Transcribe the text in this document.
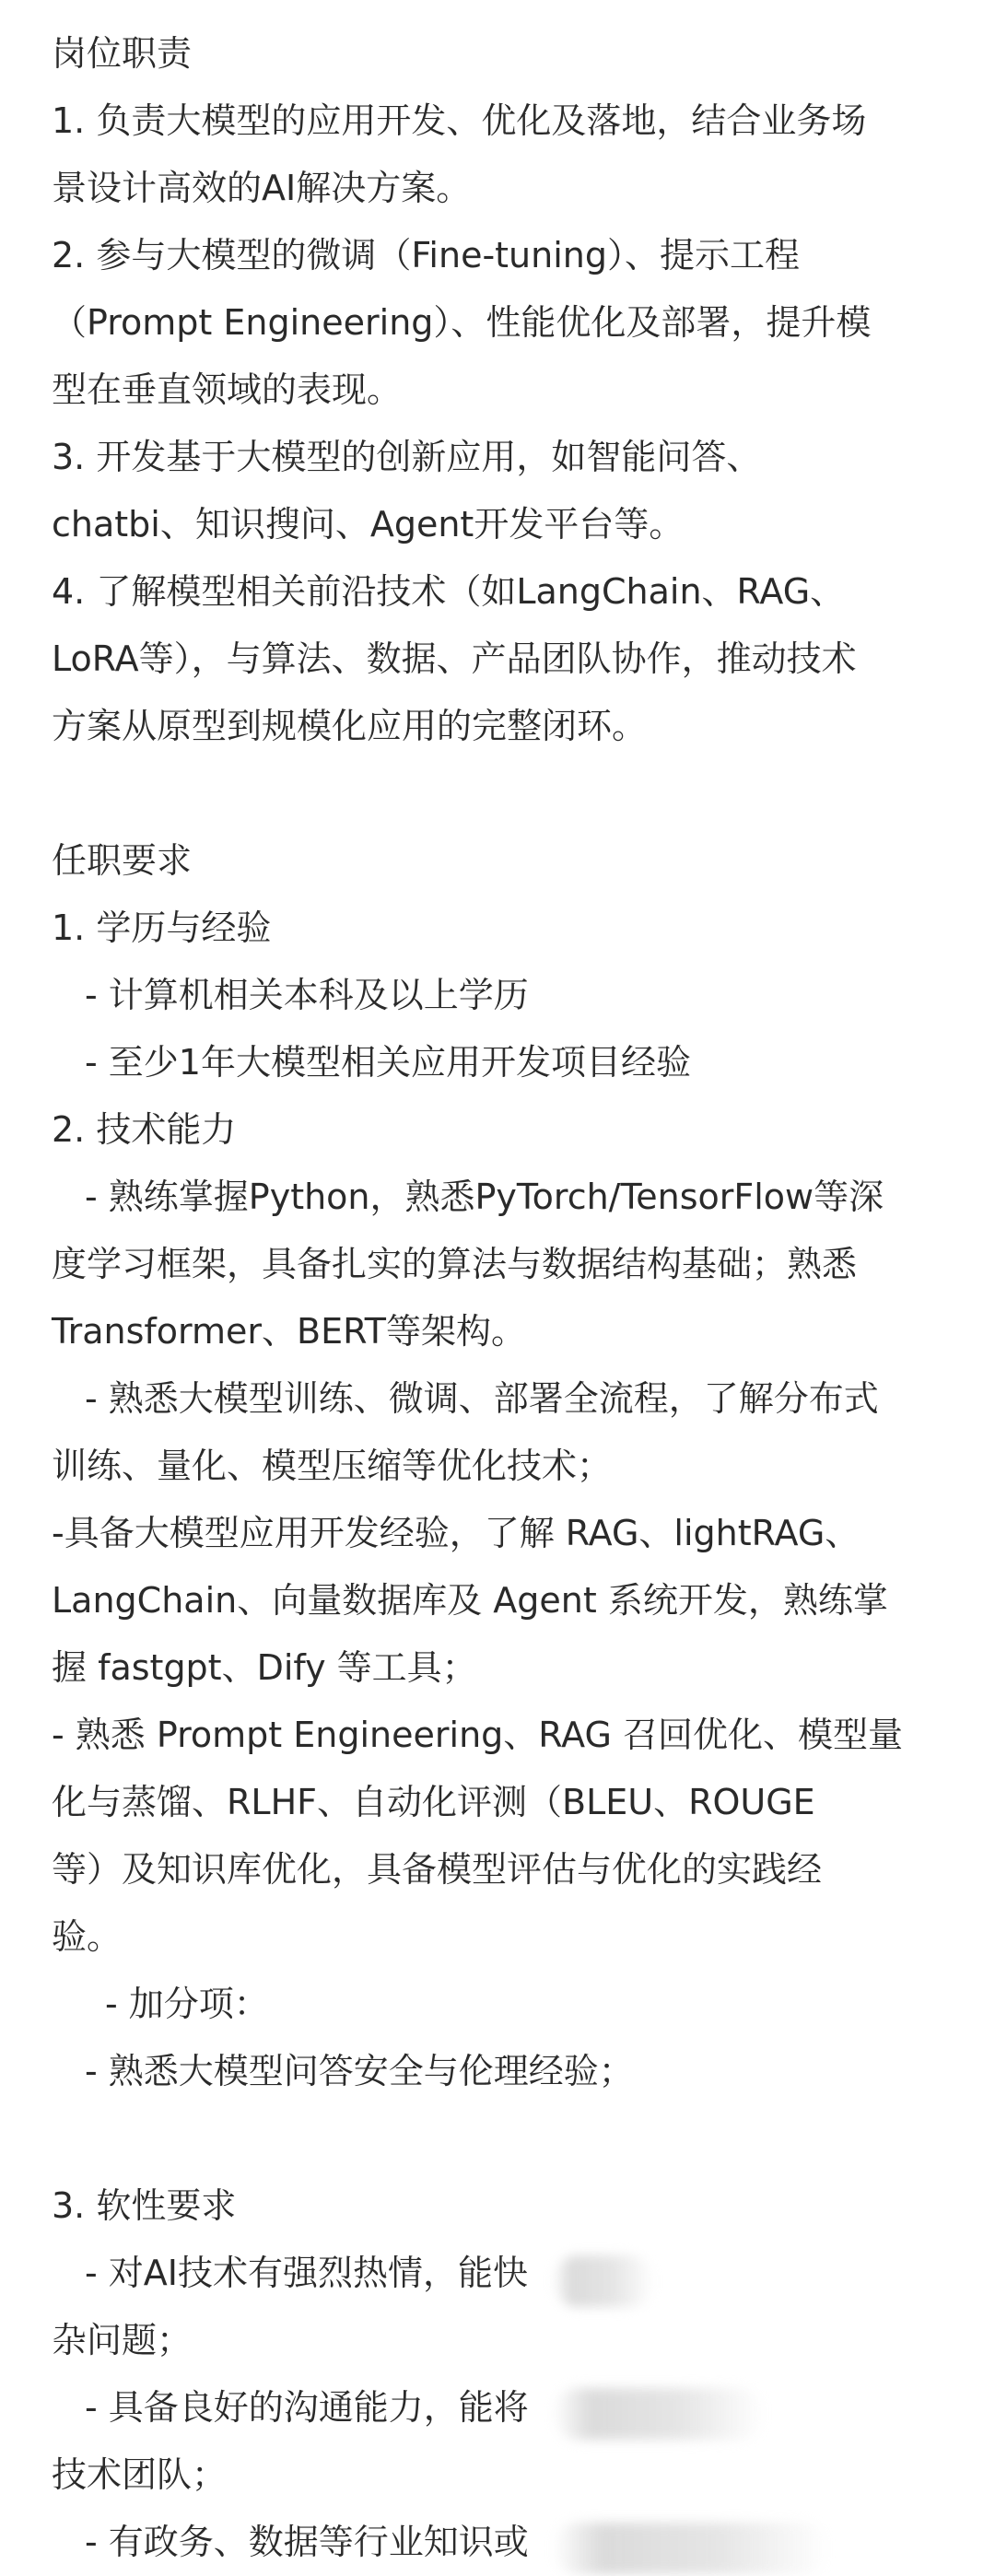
岗位职责
1. 负责大模型的应用开发、优化及落地，结合业务场
景设计高效的AI解决方案。
2. 参与大模型的微调（Fine-tuning）、提示工程
（Prompt Engineering）、性能优化及部署，提升模
型在垂直领域的表现。
3. 开发基于大模型的创新应用，如智能问答、
chatbi、知识搜问、Agent开发平台等。
4. 了解模型相关前沿技术（如LangChain、RAG、
LoRA等），与算法、数据、产品团队协作，推动技术
方案从原型到规模化应用的完整闭环。
任职要求
1. 学历与经验
- 计算机相关本科及以上学历
- 至少1年大模型相关应用开发项目经验
2. 技术能力
- 熟练掌握Python，熟悉PyTorch/TensorFlow等深
度学习框架，具备扎实的算法与数据结构基础；熟悉
Transformer、BERT等架构。
- 熟悉大模型训练、微调、部署全流程，了解分布式
训练、量化、模型压缩等优化技术；
-具备大模型应用开发经验，了解 RAG、lightRAG、
LangChain、向量数据库及 Agent 系统开发，熟练掌
握 fastgpt、Dify 等工具；
- 熟悉 Prompt Engineering、RAG 召回优化、模型量
化与蒸馏、RLHF、自动化评测（BLEU、ROUGE
等）及知识库优化，具备模型评估与优化的实践经
验。
- 加分项：
- 熟悉大模型问答安全与伦理经验；
3. 软性要求
- 对AI技术有强烈热情，能快
杂问题；
- 具备良好的沟通能力，能将
技术团队；
- 有政务、数据等行业知识或
